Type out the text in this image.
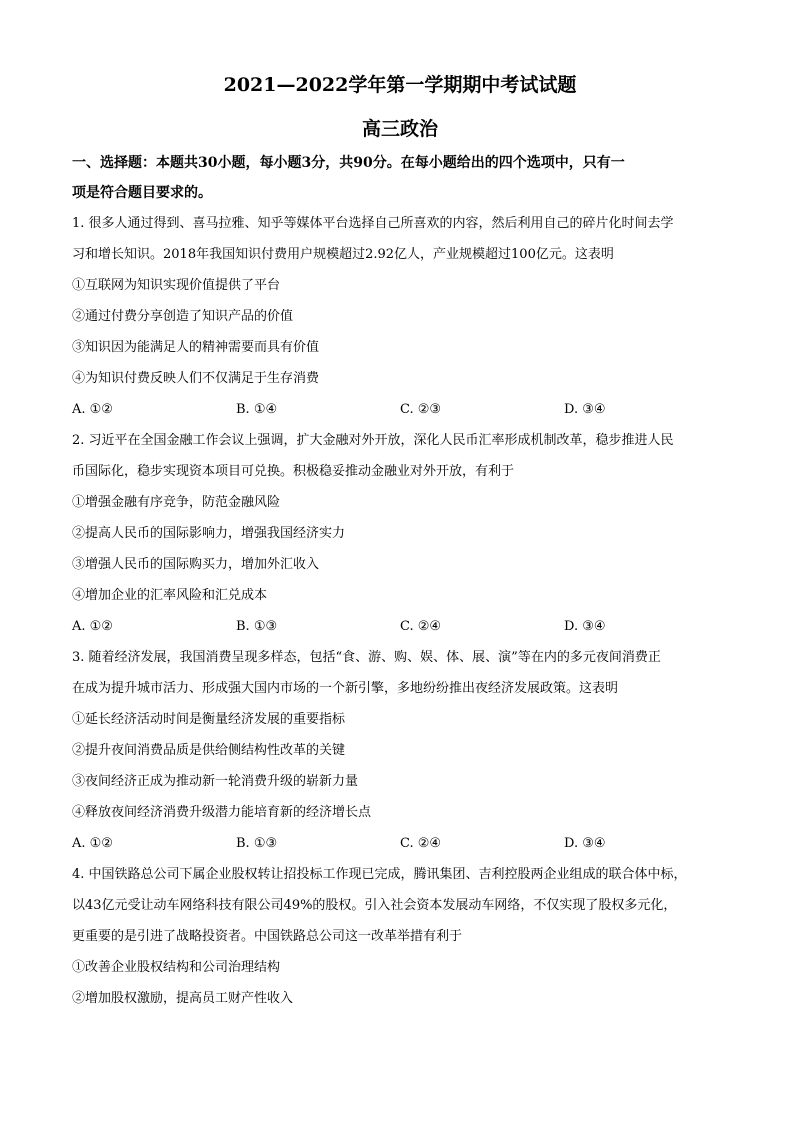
2021—2022学年第一学期期中考试试题

高三政治

一、选择题：本题共30小题，每小题3分，共90分。在每小题给出的四个选项中，只有一

项是符合题目要求的。

1. 很多人通过得到、喜马拉雅、知乎等媒体平台选择自己所喜欢的内容，然后利用自己的碎片化时间去学

习和增长知识。2018年我国知识付费用户规模超过2.92亿人，产业规模超过100亿元。这表明

①互联网为知识实现价值提供了平台

②通过付费分享创造了知识产品的价值

③知识因为能满足人的精神需要而具有价值

④为知识付费反映人们不仅满足于生存消费

A. ①②	B. ①④	C. ②③	D. ③④

2. 习近平在全国金融工作会议上强调，扩大金融对外开放，深化人民币汇率形成机制改革，稳步推进人民

币国际化，稳步实现资本项目可兑换。积极稳妥推动金融业对外开放，有利于

①增强金融有序竞争，防范金融风险

②提高人民币的国际影响力，增强我国经济实力

③增强人民币的国际购买力，增加外汇收入

④增加企业的汇率风险和汇兑成本

A. ①②	B. ①③	C. ②④	D. ③④

3. 随着经济发展，我国消费呈现多样态，包括“食、游、购、娱、体、展、演”等在内的多元夜间消费正

在成为提升城市活力、形成强大国内市场的一个新引擎，多地纷纷推出夜经济发展政策。这表明

①延长经济活动时间是衡量经济发展的重要指标

②提升夜间消费品质是供给侧结构性改革的关键

③夜间经济正成为推动新一轮消费升级的崭新力量

④释放夜间经济消费升级潜力能培育新的经济增长点

A. ①②	B. ①③	C. ②④	D. ③④

4. 中国铁路总公司下属企业股权转让招投标工作现已完成，腾讯集团、吉利控股两企业组成的联合体中标，

以43亿元受让动车网络科技有限公司49%的股权。引入社会资本发展动车网络，不仅实现了股权多元化，

更重要的是引进了战略投资者。中国铁路总公司这一改革举措有利于

①改善企业股权结构和公司治理结构

②增加股权激励，提高员工财产性收入
